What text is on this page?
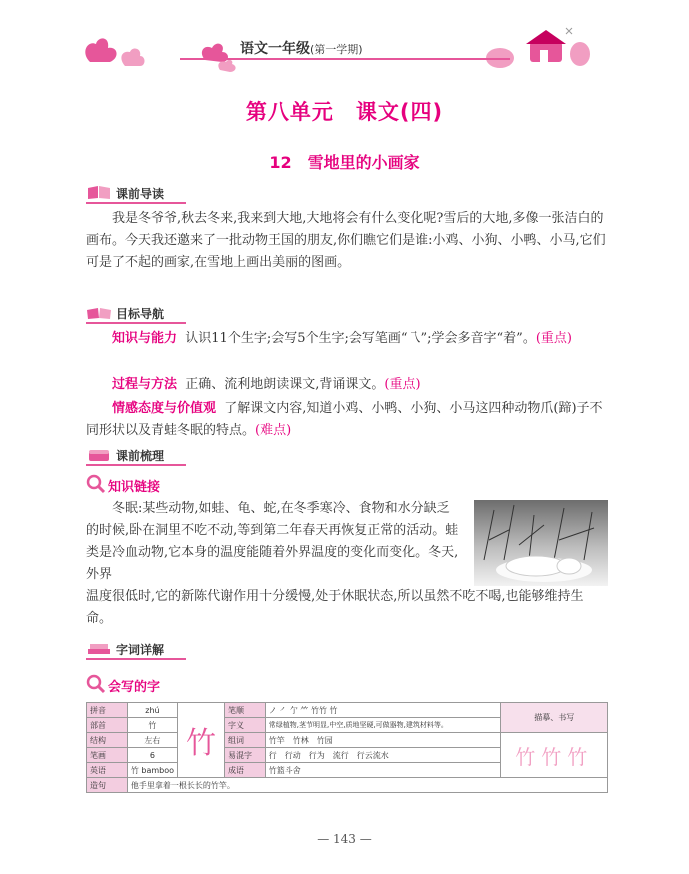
语文一年级(第一学期)
第八单元　课文(四)
12　雪地里的小画家
课前导读
我是冬爷爷,秋去冬来,我来到大地,大地将会有什么变化呢?雪后的大地,多像一张洁白的画布。今天我还邀来了一批动物王国的朋友,你们瞧它们是谁:小鸡、小狗、小鸭、小马,它们可是了不起的画家,在雪地上画出美丽的图画。
目标导航
知识与能力 认识11个生字;会写5个生字;会写笔画“乁”;学会多音字“着”。(重点)
过程与方法 正确、流利地朗读课文,背诵课文。(重点)
情感态度与价值观 了解课文内容,知道小鸡、小鸭、小狗、小马这四种动物爪(蹄)子不同形状以及青蛙冬眠的特点。(难点)
课前梳理
知识链接
冬眠:某些动物,如蛙、龟、蛇,在冬季寒冷、食物和水分缺乏的时候,卧在洞里不吃不动,等到第二年春天再恢复正常的活动。蛙类是冷血动物,它本身的温度能随着外界温度的变化而变化。冬天,外界
温度很低时,它的新陈代谢作用十分缓慢,处于休眠状态,所以虽然不吃不喝,也能够维持生命。
字词详解
会写的字
拼音	zhú	竹	笔顺	ノ ㇒ 亇 ⺮ 竹竹 竹	描摹、书写
部首	竹		字义	常绿植物,茎节明显,中空,质地坚硬,可做器物,建筑材料等。	
结构	左右		组词	竹竿　竹林　竹园	竹竹竹
笔画	6		易混字	行　行动　行为　流行　行云流水	
英语	竹 bamboo		成语	竹篮斗舍	
造句	他手里拿着一根长长的竹竿。				
— 143 —
